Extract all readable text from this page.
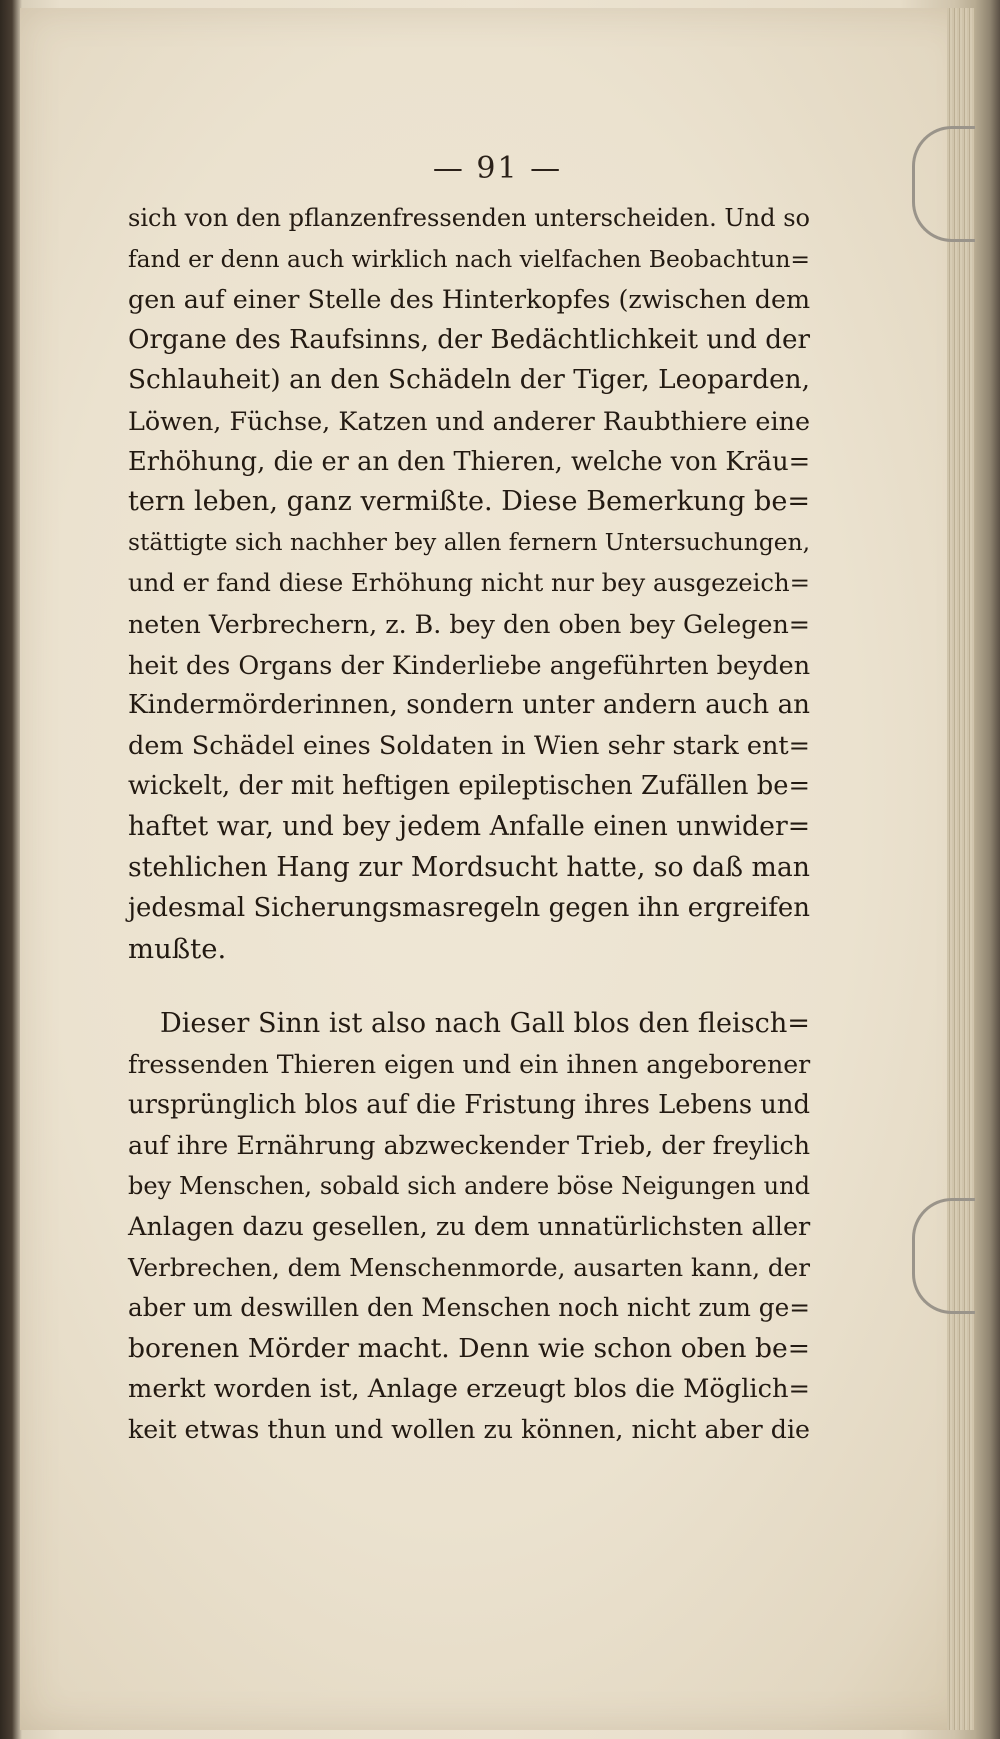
— 91 —
sich von den pflanzenfressenden unterscheiden. Und so
fand er denn auch wirklich nach vielfachen Beobachtun=
gen auf einer Stelle des Hinterkopfes (zwischen dem
Organe des Raufsinns, der Bedächtlichkeit und der
Schlauheit) an den Schädeln der Tiger, Leoparden,
Löwen, Füchse, Katzen und anderer Raubthiere eine
Erhöhung, die er an den Thieren, welche von Kräu=
tern leben, ganz vermißte. Diese Bemerkung be=
stättigte sich nachher bey allen fernern Untersuchungen,
und er fand diese Erhöhung nicht nur bey ausgezeich=
neten Verbrechern, z. B. bey den oben bey Gelegen=
heit des Organs der Kinderliebe angeführten beyden
Kindermörderinnen, sondern unter andern auch an
dem Schädel eines Soldaten in Wien sehr stark ent=
wickelt, der mit heftigen epileptischen Zufällen be=
haftet war, und bey jedem Anfalle einen unwider=
stehlichen Hang zur Mordsucht hatte, so daß man
jedesmal Sicherungsmasregeln gegen ihn ergreifen
mußte.
Dieser Sinn ist also nach Gall blos den fleisch=
fressenden Thieren eigen und ein ihnen angeborener
ursprünglich blos auf die Fristung ihres Lebens und
auf ihre Ernährung abzweckender Trieb, der freylich
bey Menschen, sobald sich andere böse Neigungen und
Anlagen dazu gesellen, zu dem unnatürlichsten aller
Verbrechen, dem Menschenmorde, ausarten kann, der
aber um deswillen den Menschen noch nicht zum ge=
borenen Mörder macht. Denn wie schon oben be=
merkt worden ist, Anlage erzeugt blos die Möglich=
keit etwas thun und wollen zu können, nicht aber die
